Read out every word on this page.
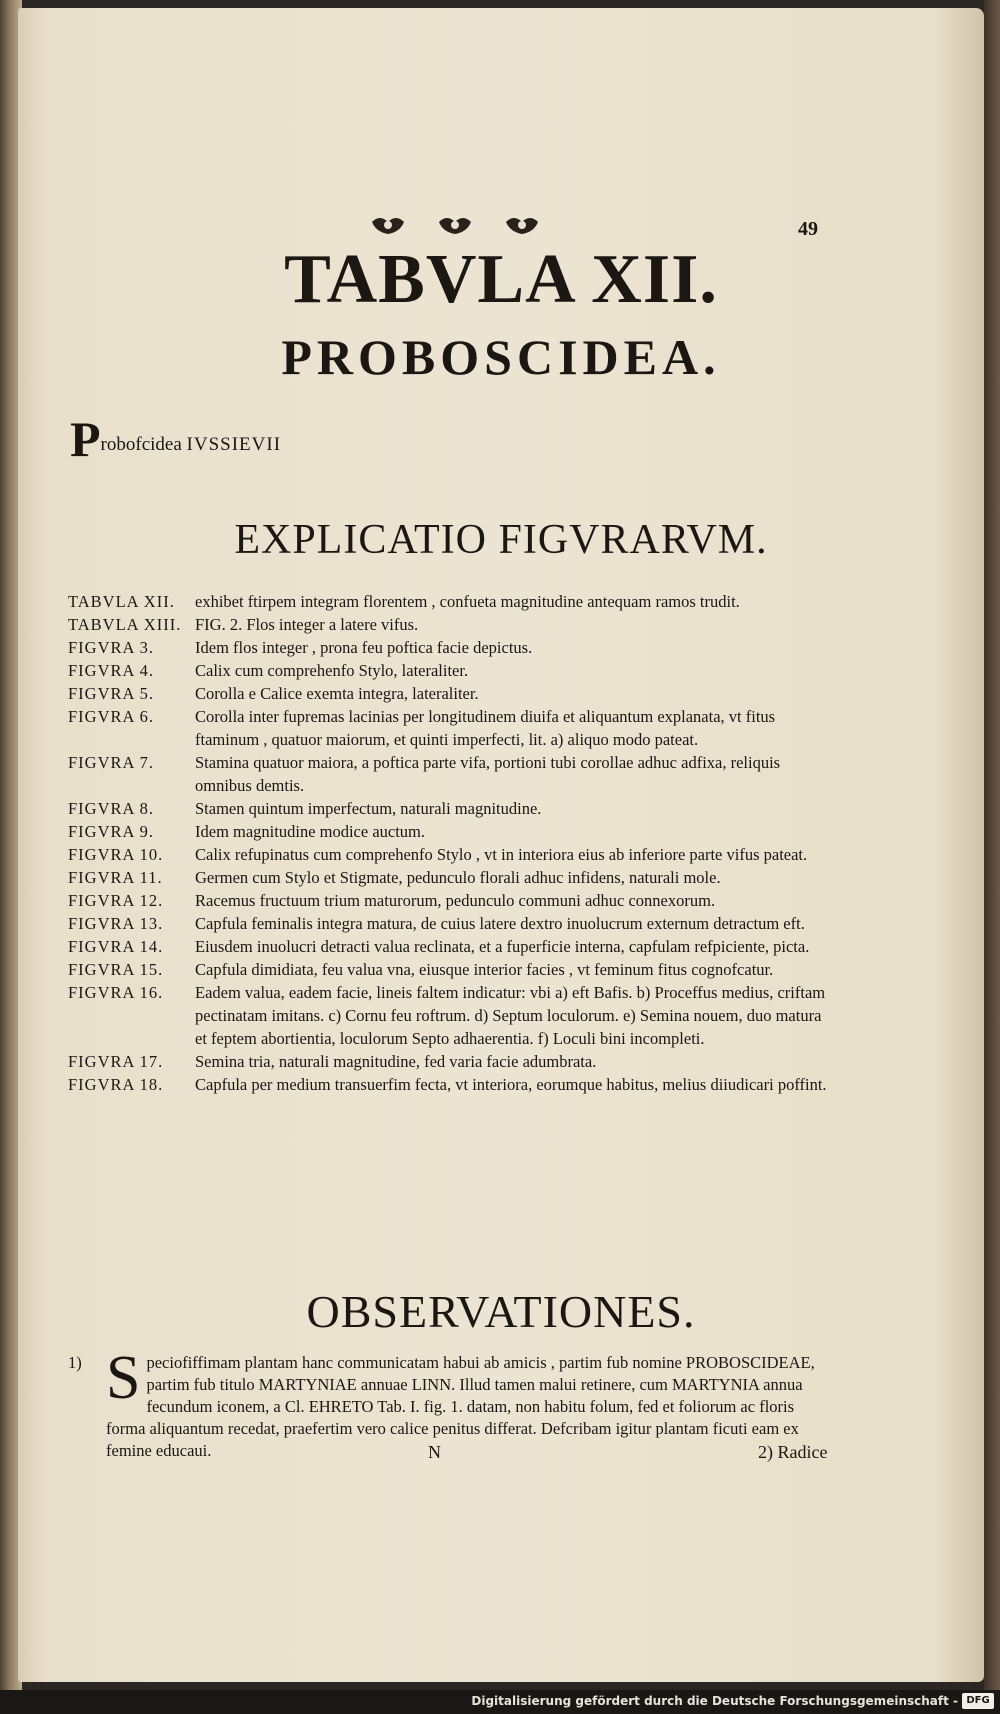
49
TABVLA XII.
PROBOSCIDEA.
Probofcidea IVSSIEVII
EXPLICATIO FIGVRARVM.
TABVLA XII.	exhibet ftirpem integram florentem , confueta magnitudine antequam ramos trudit.
TABVLA XIII. FIG. 2. Flos integer a latere vifus.
FIGVRA 3.	Idem flos integer , prona feu poftica facie depictus.
FIGVRA 4.	Calix cum comprehenfo Stylo, lateraliter.
FIGVRA 5.	Corolla e Calice exemta integra, lateraliter.
FIGVRA 6.	Corolla inter fupremas lacinias per longitudinem diuifa et aliquantum explanata, vt fitus ftaminum , quatuor maiorum, et quinti imperfecti, lit. a) aliquo modo pateat.
FIGVRA 7.	Stamina quatuor maiora, a poftica parte vifa, portioni tubi corollae adhuc adfixa, reliquis omnibus demtis.
FIGVRA 8.	Stamen quintum imperfectum, naturali magnitudine.
FIGVRA 9.	Idem magnitudine modice auctum.
FIGVRA 10.	Calix refupinatus cum comprehenfo Stylo , vt in interiora eius ab inferiore parte vifus pateat.
FIGVRA 11.	Germen cum Stylo et Stigmate, pedunculo florali adhuc infidens, naturali mole.
FIGVRA 12.	Racemus fructuum trium maturorum, pedunculo communi adhuc connexorum.
FIGVRA 13.	Capfula feminalis integra matura, de cuius latere dextro inuolucrum externum detractum eft.
FIGVRA 14.	Eiusdem inuolucri detracti valua reclinata, et a fuperficie interna, capfulam refpiciente, picta.
FIGVRA 15.	Capfula dimidiata, feu valua vna, eiusque interior facies , vt feminum fitus cognofcatur.
FIGVRA 16.	Eadem valua, eadem facie, lineis faltem indicatur: vbi a) eft Bafis. b) Proceffus medius, criftam pectinatam imitans. c) Cornu feu roftrum. d) Septum loculorum. e) Semina nouem, duo matura et feptem abortientia, loculorum Septo adhaerentia. f) Loculi bini incompleti.
FIGVRA 17.	Semina tria, naturali magnitudine, fed varia facie adumbrata.
FIGVRA 18.	Capfula per medium transuerfim fecta, vt interiora, eorumque habitus, melius diiudicari poffint.
OBSERVATIONES.
1) Speciofiffimam plantam hanc communicatam habui ab amicis , partim fub nomine PROBOSCIDEAE, partim fub titulo MARTYNIAE annuae LINN. Illud tamen malui retinere, cum MARTYNIA annua fecundum iconem, a Cl. EHRETO Tab. I. fig. 1. datam, non habitu folum, fed et foliorum ac floris forma aliquantum recedat, praefertim vero calice penitus differat. Defcribam igitur plantam ficuti eam ex femine educaui.	N	2) Radice
Digitalisierung gefördert durch die Deutsche Forschungsgemeinschaft - DFG
